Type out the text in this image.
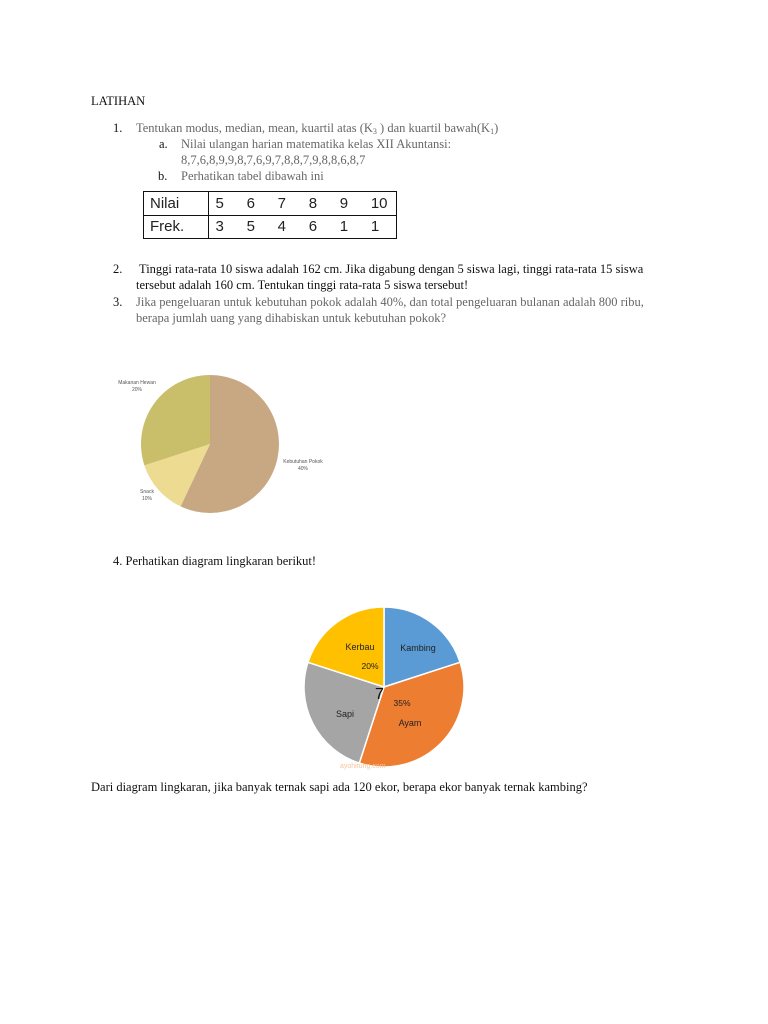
LATIHAN
1. Tentukan modus, median, mean, kuartil atas ($K_3$ ) dan kuartil $bawah(K_1)$
a. Nilai ulangan harian matematika kelas XII Akuntansi:
8,7,6,8,9,9,8,7,6,9,7,8,8,7,9,8,8,6,8,7
b. Perhatikan tabel dibawah ini
Nilai	5	6	7	8	9	10
Frek.	3	5	4	6	1	1
2. Tinggi rata-rata 10 siswa adalah 162 cm. Jika digabung dengan 5 siswa lagi, tinggi rata-rata 15 siswa
tersebut adalah 160 cm. Tentukan tinggi rata-rata 5 siswa tersebut!
3. Jika pengeluaran untuk kebutuhan pokok adalah 40%, dan total pengeluaran bulanan adalah 800 ribu,
berapa jumlah uang yang dihabiskan untuk kebutuhan pokok?
Makanan Hewan
20%
Kebutuhan Pokok
40%
Snack
10%
4. Perhatikan diagram lingkaran berikut!
Kerbau
20%
Kambing
35%
Ayam
Sapi
7
ayohitung.com
Dari diagram lingkaran, jika banyak ternak sapi ada 120 ekor, berapa ekor banyak ternak kambing?
